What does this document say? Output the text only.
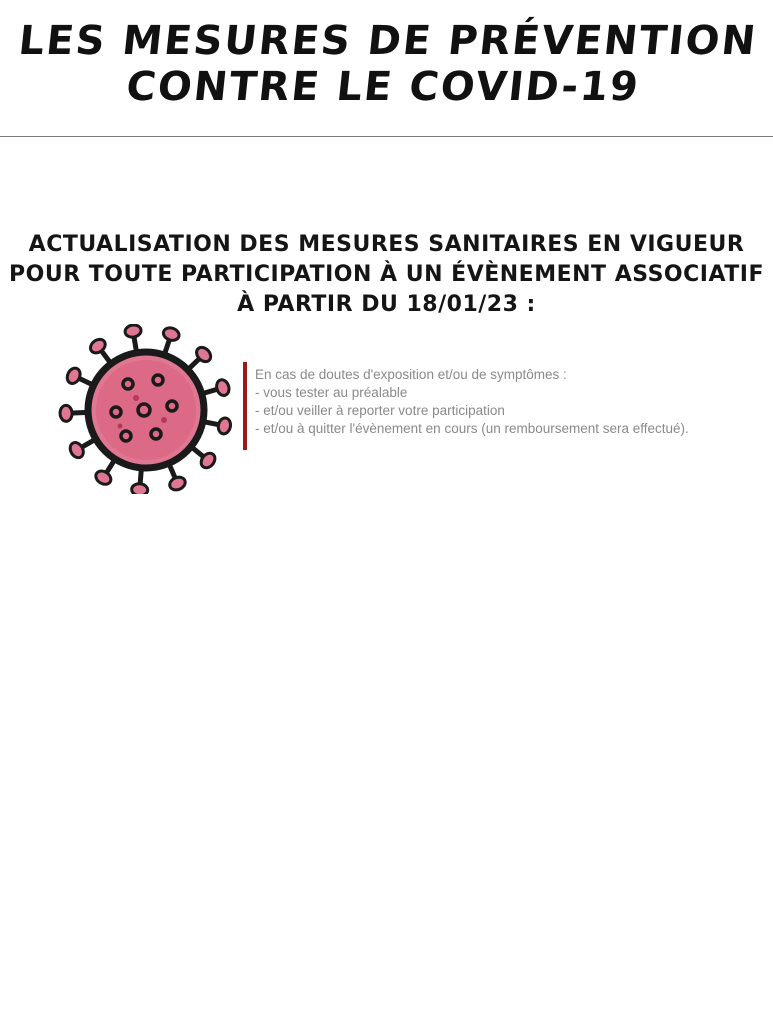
LES MESURES DE PRÉVENTION
CONTRE LE COVID-19
ACTUALISATION DES MESURES SANITAIRES EN VIGUEUR
POUR TOUTE PARTICIPATION À UN ÉVÈNEMENT ASSOCIATIF
À PARTIR DU 18/01/23 :
En cas de doutes d'exposition et/ou de symptômes :
- vous tester au préalable
- et/ou veiller à reporter votre participation
- et/ou à quitter l'évènement en cours (un remboursement sera effectué).
